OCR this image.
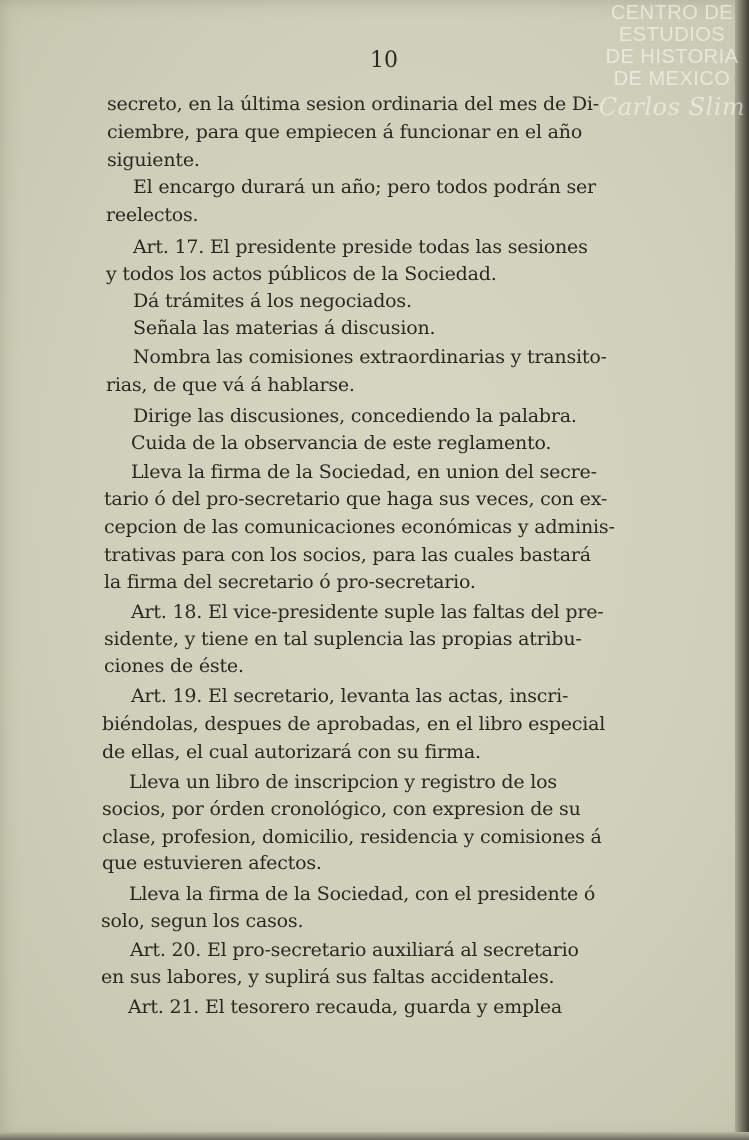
CENTRO DE
ESTUDIOS
DE HISTORIA
DE MEXICO
Carlos Slim
10
secreto, en la última sesion ordinaria del mes de Di-
ciembre, para que empiecen á funcionar en el año
siguiente.
El encargo durará un año; pero todos podrán ser
reelectos.
Art. 17. El presidente preside todas las sesiones
y todos los actos públicos de la Sociedad.
Dá trámites á los negociados.
Señala las materias á discusion.
Nombra las comisiones extraordinarias y transito-
rias, de que vá á hablarse.
Dirige las discusiones, concediendo la palabra.
Cuida de la observancia de este reglamento.
Lleva la firma de la Sociedad, en union del secre-
tario ó del pro-secretario que haga sus veces, con ex-
cepcion de las comunicaciones económicas y adminis-
trativas para con los socios, para las cuales bastará
la firma del secretario ó pro-secretario.
Art. 18. El vice-presidente suple las faltas del pre-
sidente, y tiene en tal suplencia las propias atribu-
ciones de éste.
Art. 19. El secretario, levanta las actas, inscri-
biéndolas, despues de aprobadas, en el libro especial
de ellas, el cual autorizará con su firma.
Lleva un libro de inscripcion y registro de los
socios, por órden cronológico, con expresion de su
clase, profesion, domicilio, residencia y comisiones á
que estuvieren afectos.
Lleva la firma de la Sociedad, con el presidente ó
solo, segun los casos.
Art. 20. El pro-secretario auxiliará al secretario
en sus labores, y suplirá sus faltas accidentales.
Art. 21. El tesorero recauda, guarda y emplea
